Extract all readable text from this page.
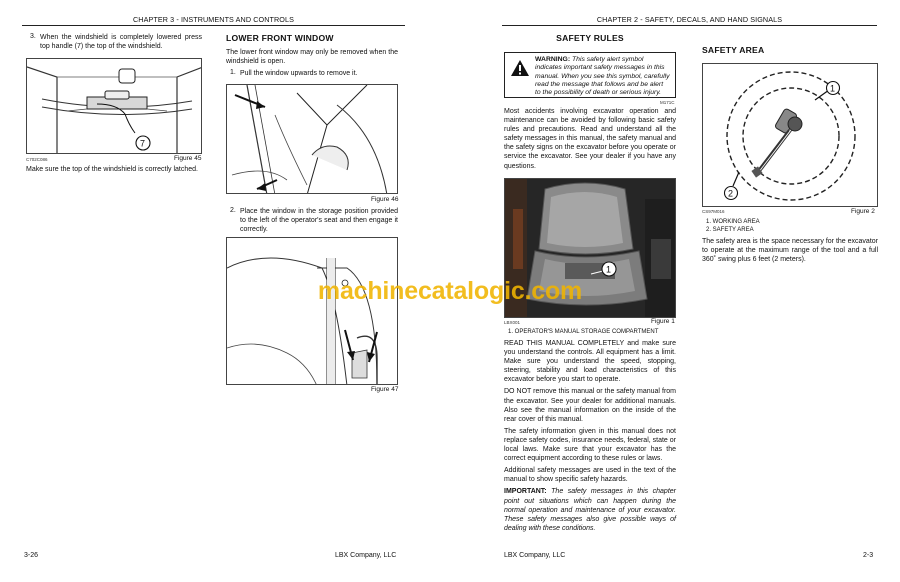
CHAPTER 3 - INSTRUMENTS AND CONTROLS
3. When the windshield is completely lowered press top handle (7) the top of the windshield.

7
C702C086	Figure 45

Make sure the top of the windshield is correctly latched.

LOWER FRONT WINDOW

The lower front window may only be removed when the windshield is open.

1. Pull the window upwards to remove it.

Figure 46
2. Place the window in the storage position provided to the left of the operator's seat and then engage it correctly.

Figure 47
3-26	LBX Company, LLC
CHAPTER 2 - SAFETY, DECALS, AND HAND SIGNALS
SAFETY RULES
WARNING: This safety alert symbol indicates important safety messages in this manual. When you see this symbol, carefully read the message that follows and be alert to the possibility of death or serious injury.
M171C

Most accidents involving excavator operation and maintenance can be avoided by following basic safety rules and precautions. Read and understand all the safety messages in this manual, the safety manual and the safety signs on the excavator before you operate or service the excavator. See your dealer if you have any questions.

1
LBX001	Figure 1
1. OPERATOR'S MANUAL STORAGE COMPARTMENT

READ THIS MANUAL COMPLETELY and make sure you understand the controls. All equipment has a limit. Make sure you understand the speed, stopping, steering, stability and load characteristics of this excavator before you start to operate.

DO NOT remove this manual or the safety manual from the excavator. See your dealer for additional manuals. Also see the manual information on the inside of the rear cover of this manual.

The safety information given in this manual does not replace safety codes, insurance needs, federal, state or local laws. Make sure that your excavator has the correct equipment according to these rules or laws.

Additional safety messages are used in the text of the manual to show specific safety hazards.

IMPORTANT: The safety messages in this chapter point out situations which can happen during the normal operation and maintenance of your excavator. These safety messages also give possible ways of dealing with these conditions.

SAFETY AREA
1
2
CS97M016	Figure 2
1. WORKING AREA
2. SAFETY AREA

The safety area is the space necessary for the excavator to operate at the maximum range of the tool and a full 360˚ swing plus 6 feet (2 meters).

LBX Company, LLC	2-3
machinecatalogic.com
